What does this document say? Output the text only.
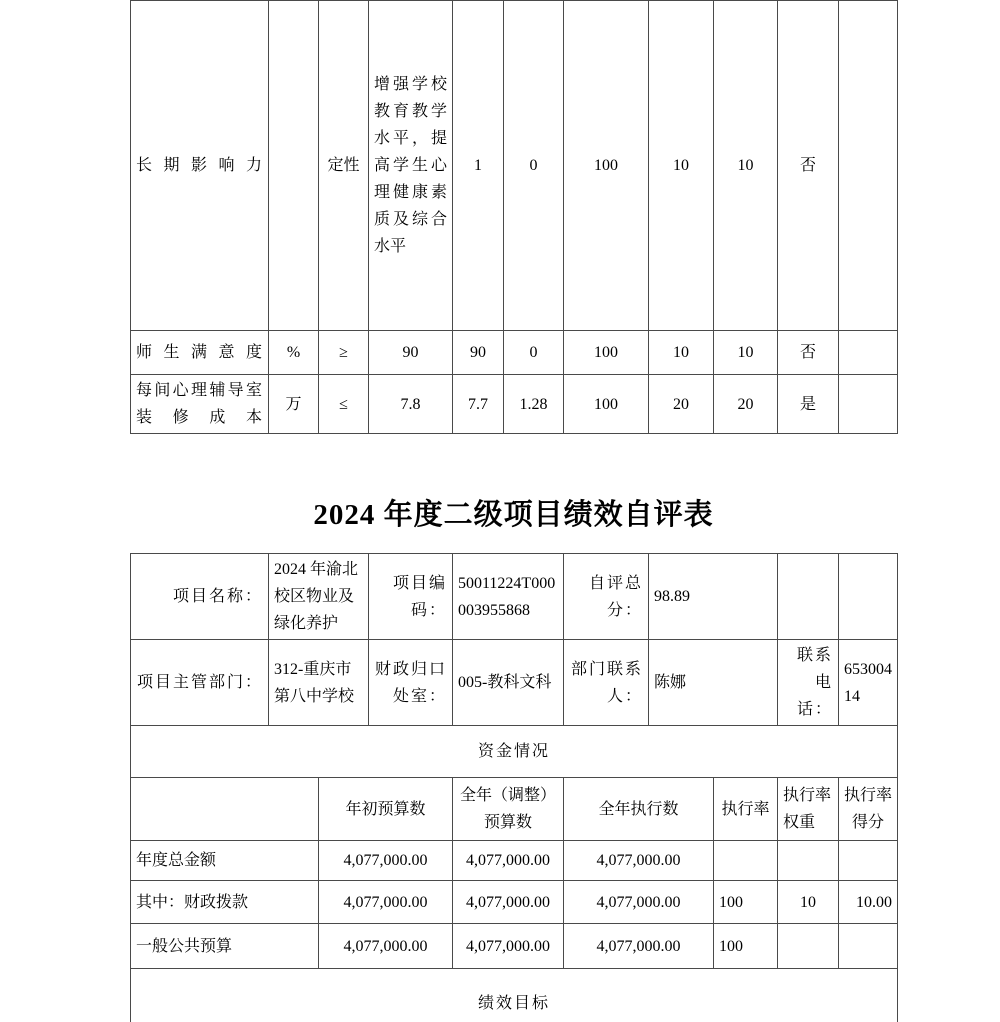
长期影响力		定性	增强学校教育教学水平，提高学生心理健康素质及综合水平	1	0	100	10	10	否	
师生满意度	%	≥	90	90	0	100	10	10	否	
每间心理辅导室装修成本	万	≤	7.8	7.7	1.28	100	20	20	是	
2024 年度二级项目绩效自评表
项目名称：	2024 年渝北校区物业及绿化养护		项目编码：	50011224T000003955868	自评总分：	98.89			
项目主管部门：	312-重庆市第八中学校		财政归口处室：	005-教科文科	部门联系人：	陈娜		联系电话：	65300414
资金情况									
		年初预算数		全年（调整）预算数	全年执行数		执行率	执行率权重	执行率得分
年度总金额		4,077,000.00		4,077,000.00	4,077,000.00				
其中：财政拨款		4,077,000.00		4,077,000.00	4,077,000.00		100	10	10.00
一般公共预算		4,077,000.00		4,077,000.00	4,077,000.00		100		
绩效目标									
